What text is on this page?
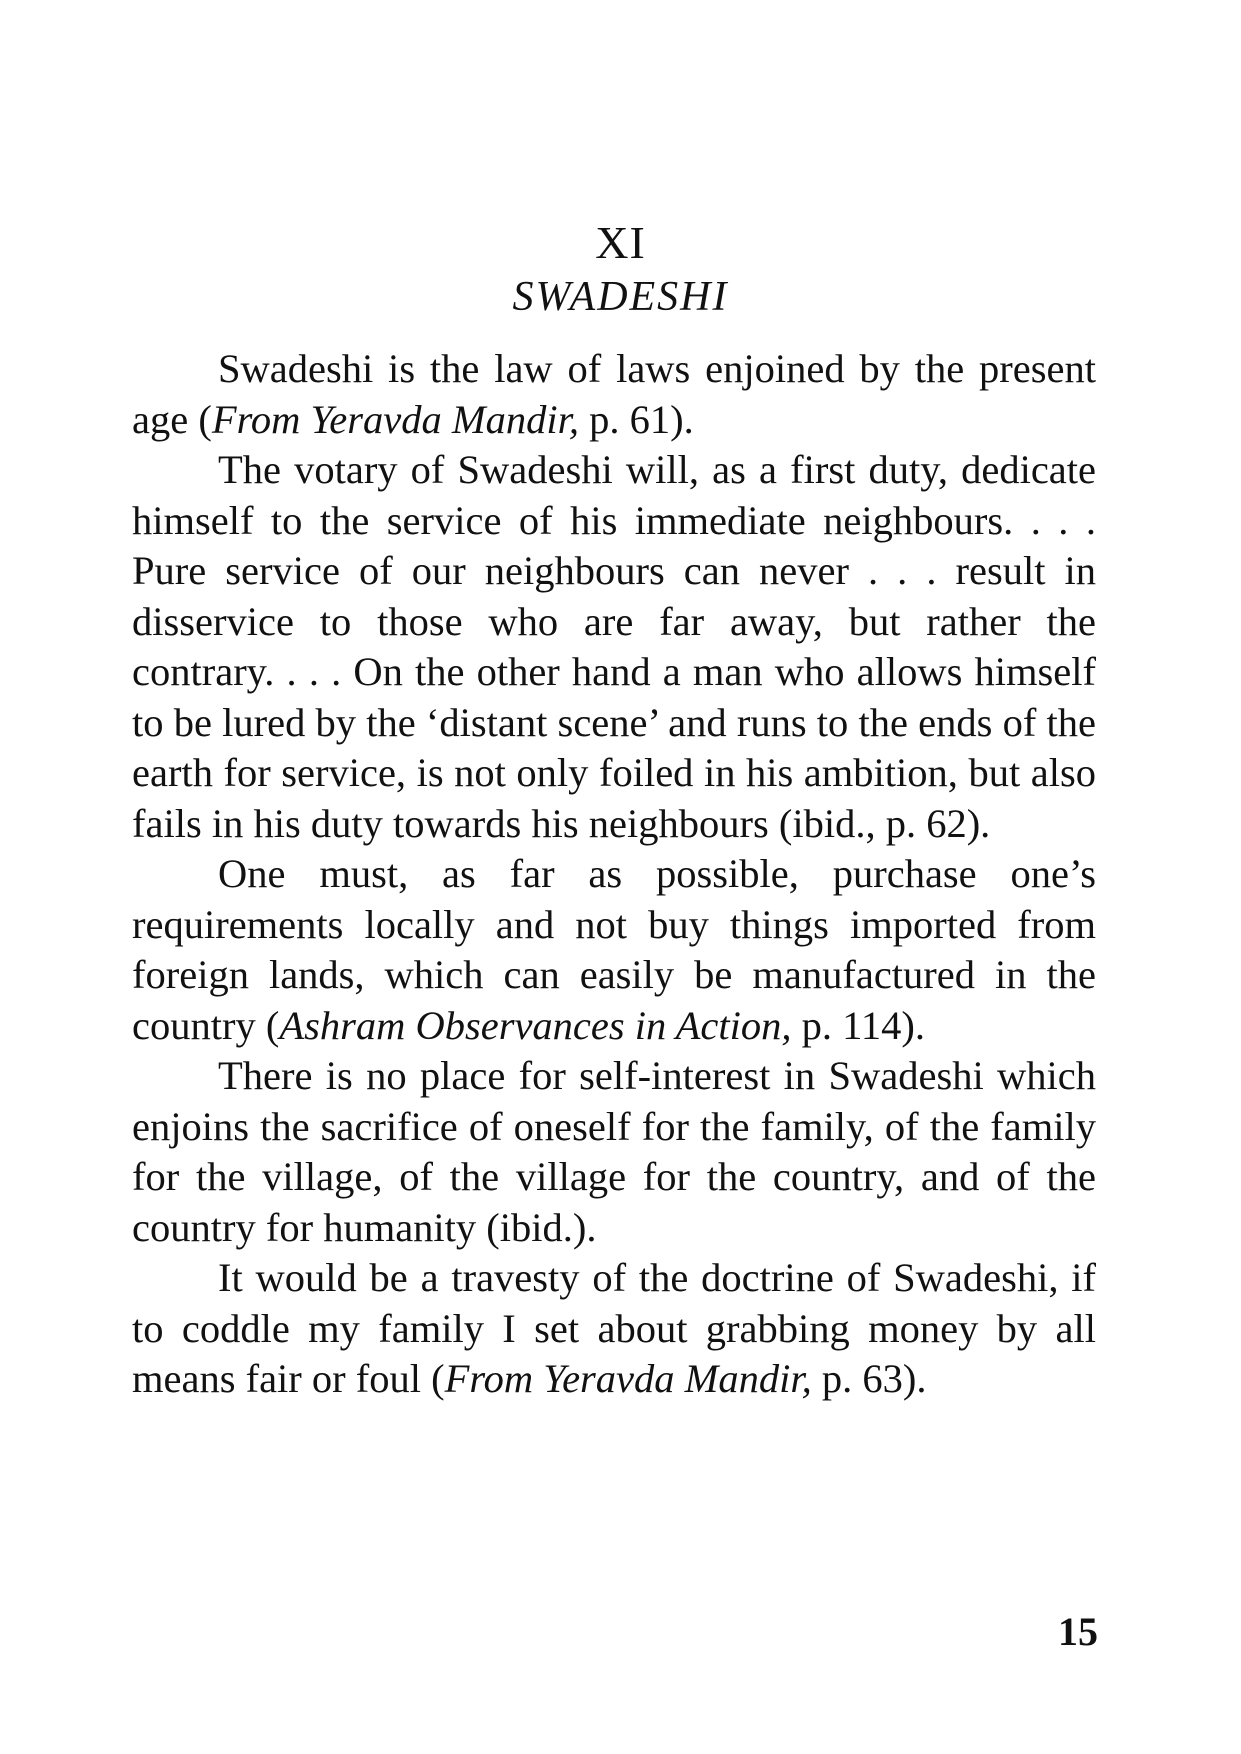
XI
SWADESHI

Swadeshi is the law of laws enjoined by the present age (From Yeravda Mandir, p. 61).

The votary of Swadeshi will, as a first duty, dedicate himself to the service of his immediate neighbours. . . . Pure service of our neighbours can never . . . result in disservice to those who are far away, but rather the contrary. . . . On the other hand a man who allows himself to be lured by the ‘distant scene’ and runs to the ends of the earth for service, is not only foiled in his ambition, but also fails in his duty towards his neighbours (ibid., p. 62).

One must, as far as possible, purchase one’s requirements locally and not buy things imported from foreign lands, which can easily be manufactured in the country (Ashram Observances in Action, p. 114).

There is no place for self-interest in Swadeshi which enjoins the sacrifice of oneself for the family, of the family for the village, of the village for the country, and of the country for humanity (ibid.).

It would be a travesty of the doctrine of Swadeshi, if to coddle my family I set about grabbing money by all means fair or foul (From Yeravda Mandir, p. 63).

15
